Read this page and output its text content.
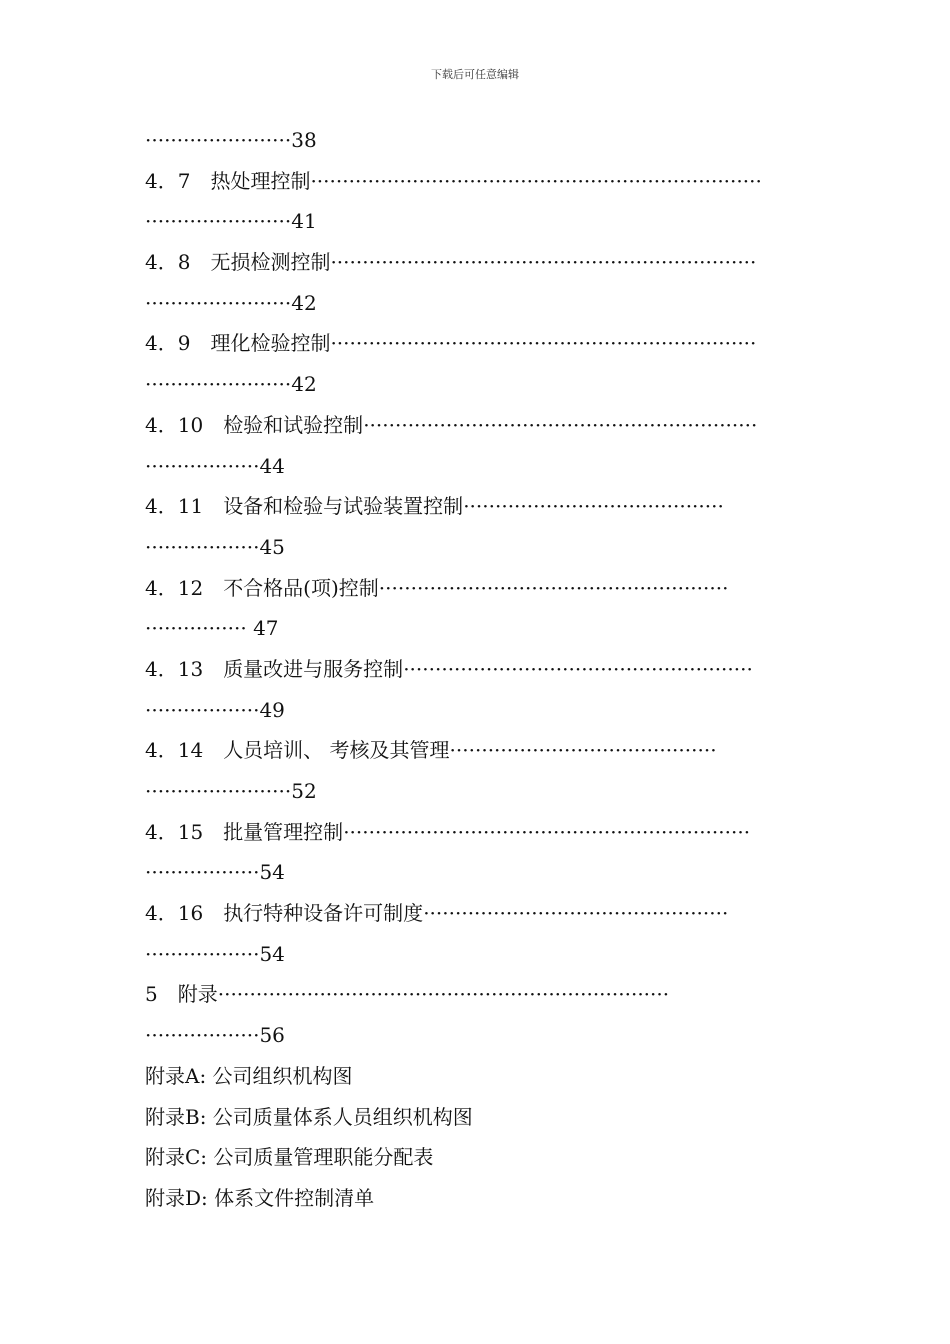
下载后可任意编辑
·······················38
4．7　 热处理控制·······································································
·······················41
4．8　 无损检测控制···································································
·······················42
4．9　 理化检验控制···································································
·······················42
4．10　 检验和试验控制······························································
··················44
4．11　 设备和检验与试验装置控制·········································
··················45
4．12　 不合格品(项)控制·······················································
················ 47
4．13　 质量改进与服务控制·······················································
··················49
4．14　 人员培训、 考核及其管理··········································
·······················52
4．15　 批量管理控制································································
··················54
4．16　 执行特种设备许可制度················································
··················54
5　 附录·······································································
··················56
附录A: 公司组织机构图
附录B: 公司质量体系人员组织机构图
附录C: 公司质量管理职能分配表
附录D: 体系文件控制清单
